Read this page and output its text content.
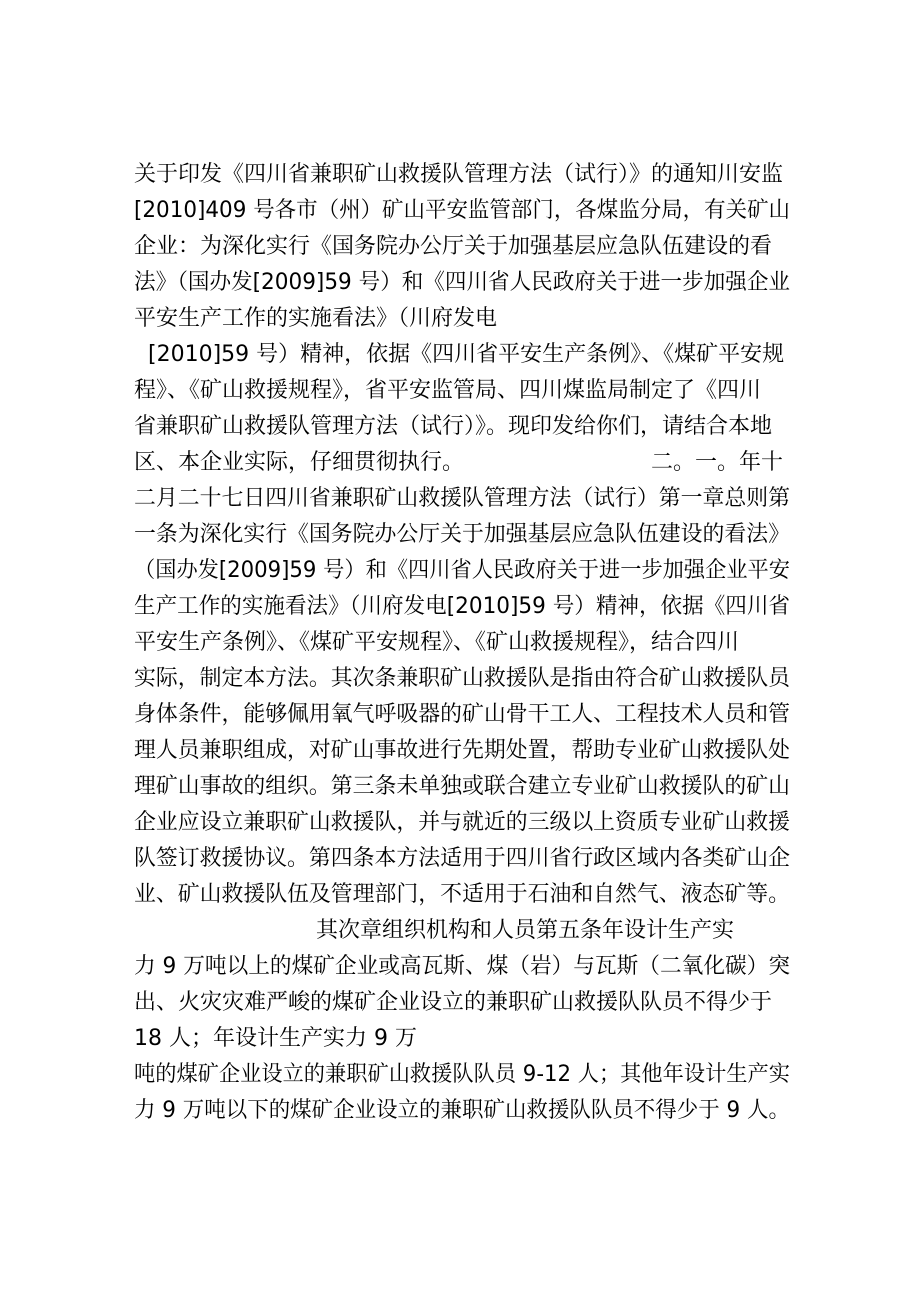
关于印发《四川省兼职矿山救援队管理方法（试行）》的通知川安监
[2010]409 号各市（州）矿山平安监管部门，各煤监分局，有关矿山
企业：为深化实行《国务院办公厅关于加强基层应急队伍建设的看
法》（国办发[2009]59 号）和《四川省人民政府关于进一步加强企业
平安生产工作的实施看法》（川府发电
[2010]59 号）精神，依据《四川省平安生产条例》、《煤矿平安规
程》、《矿山救援规程》，省平安监管局、四川煤监局制定了《四川
省兼职矿山救援队管理方法（试行）》。现印发给你们，请结合本地
区、本企业实际，仔细贯彻执行。	二。一。年十
二月二十七日四川省兼职矿山救援队管理方法（试行）第一章总则第
一条为深化实行《国务院办公厅关于加强基层应急队伍建设的看法》
（国办发[2009]59 号）和《四川省人民政府关于进一步加强企业平安
生产工作的实施看法》（川府发电[2010]59 号）精神，依据《四川省
平安生产条例》、《煤矿平安规程》、《矿山救援规程》，结合四川
实际，制定本方法。其次条兼职矿山救援队是指由符合矿山救援队员
身体条件，能够佩用氧气呼吸器的矿山骨干工人、工程技术人员和管
理人员兼职组成，对矿山事故进行先期处置，帮助专业矿山救援队处
理矿山事故的组织。第三条未单独或联合建立专业矿山救援队的矿山
企业应设立兼职矿山救援队，并与就近的三级以上资质专业矿山救援
队签订救援协议。第四条本方法适用于四川省行政区域内各类矿山企
业、矿山救援队伍及管理部门，不适用于石油和自然气、液态矿等。
其次章组织机构和人员第五条年设计生产实
力 9 万吨以上的煤矿企业或高瓦斯、煤（岩）与瓦斯（二氧化碳）突
出、火灾灾难严峻的煤矿企业设立的兼职矿山救援队队员不得少于
18 人；年设计生产实力 9 万
吨的煤矿企业设立的兼职矿山救援队队员 9-12 人；其他年设计生产实
力 9 万吨以下的煤矿企业设立的兼职矿山救援队队员不得少于 9 人。
